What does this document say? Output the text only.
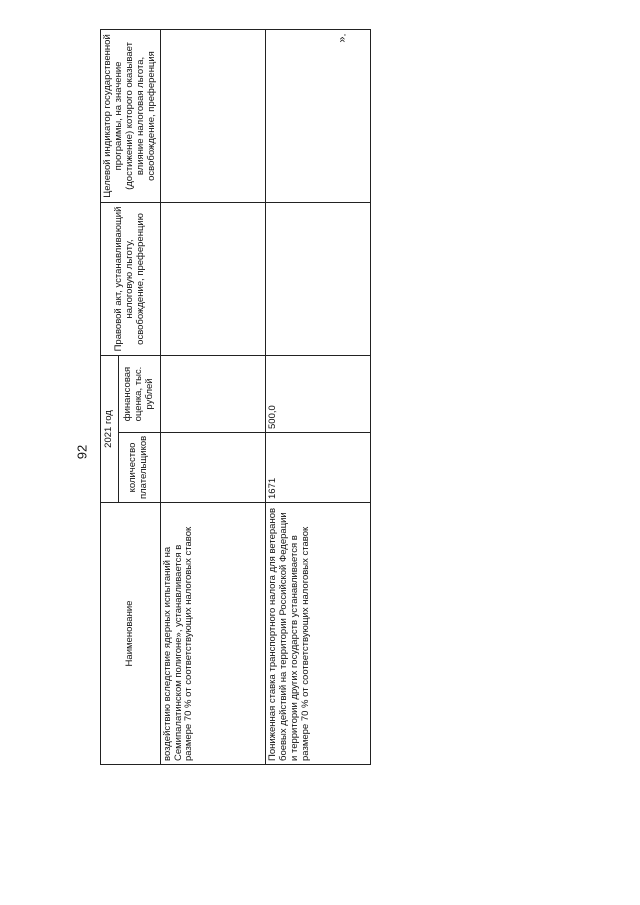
92
».
Наименование	2021 год		Правовой акт, устанавливающий налоговую льготу, освобождение, преференцию	Целевой индикатор государственной программы, на значение (достижение) которого оказывает влияние налоговая льгота, освобождение, преференция
	количество плательщиков	финансовая оценка, тыс. рублей		
воздействию вследствие ядерных испытаний на Семипалатинском полигоне», устанавливается в размере 70 % от соответствующих налоговых ставок				
Пониженная ставка транспортного налога для ветеранов боевых действий на территории Российской Федерации и территории других государств устанавливается в размере 70 % от соответствующих налоговых ставок	1671	500,0		
